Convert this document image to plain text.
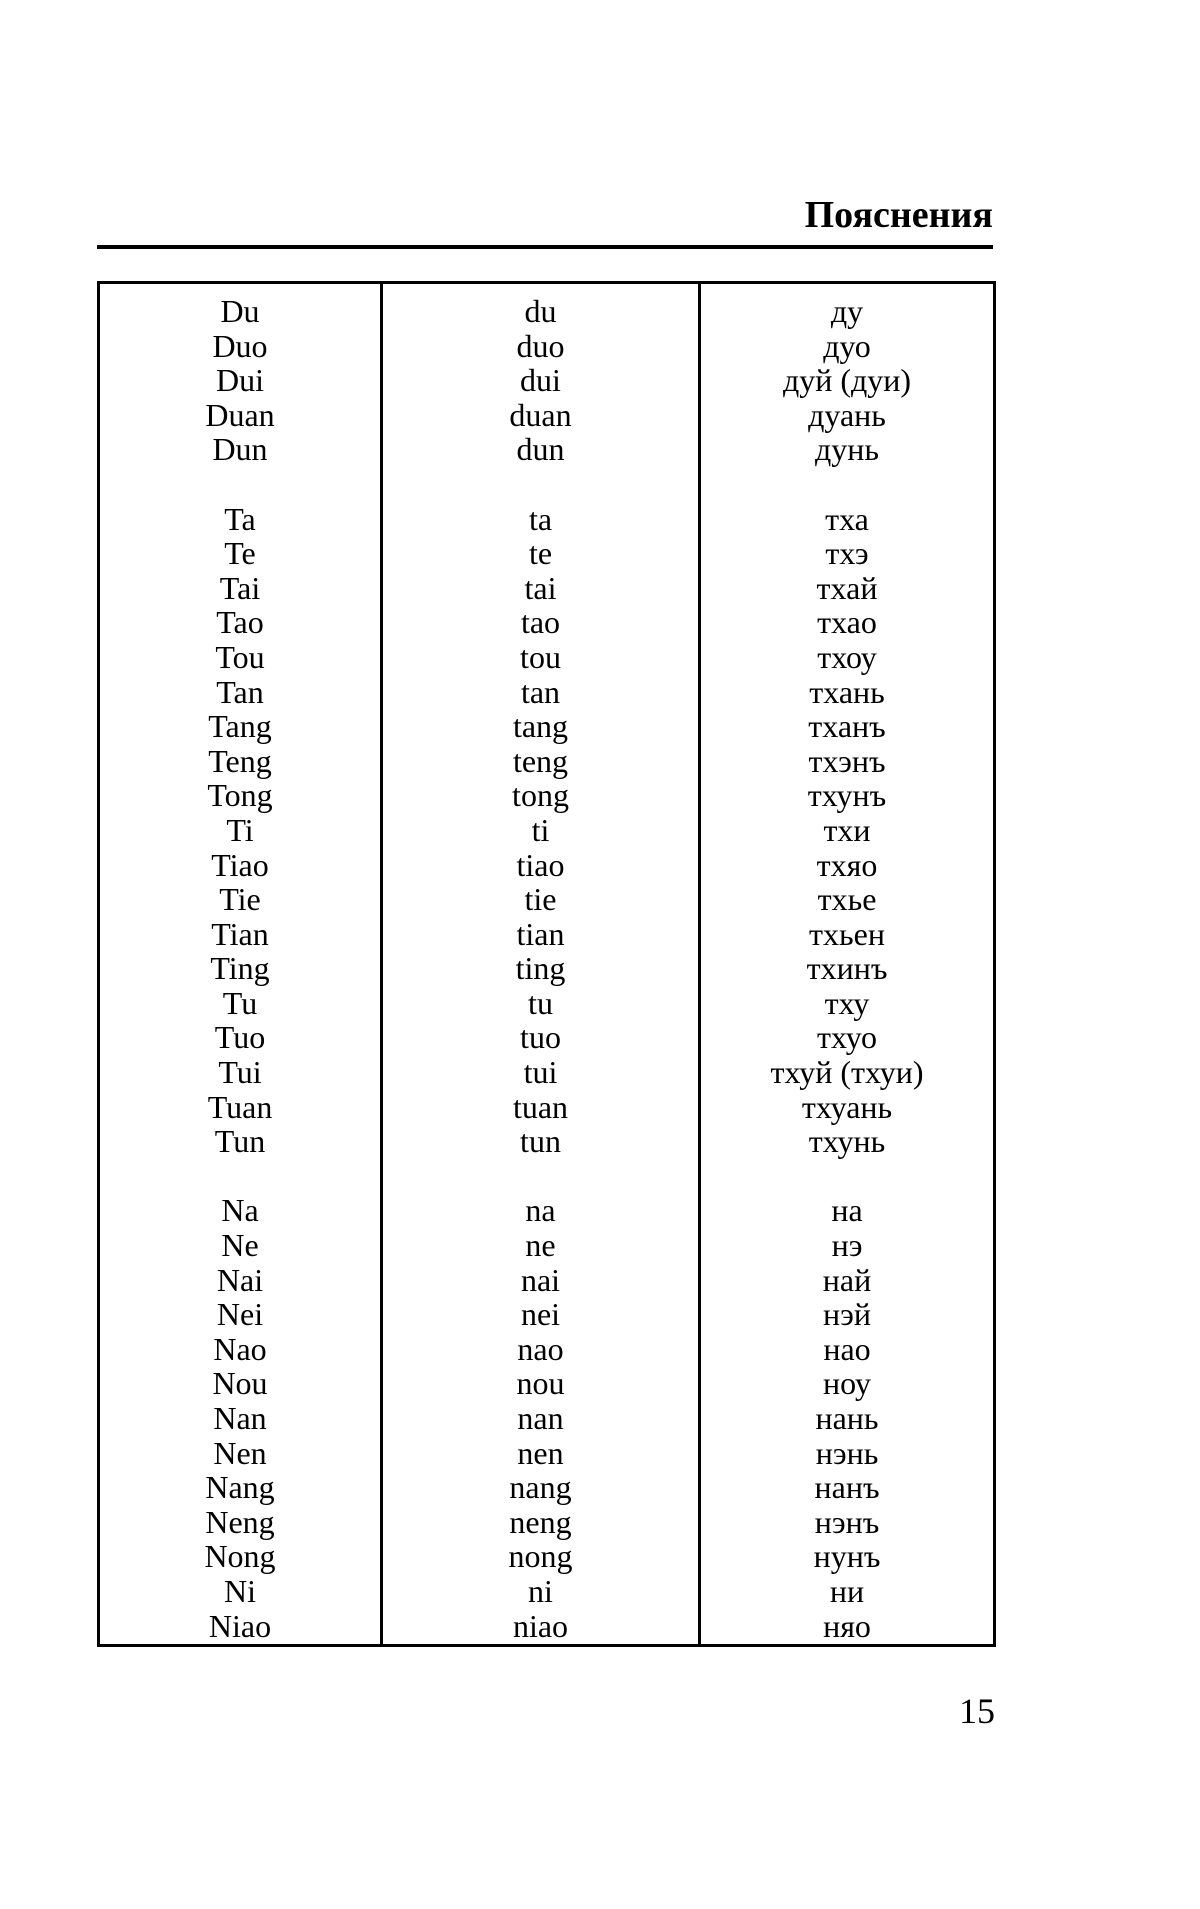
Пояснения
Du
Duo
Dui
Duan
Dun
Ta
Te
Tai
Tao
Tou
Tan
Tang
Teng
Tong
Ti
Tiao
Tie
Tian
Ting
Tu
Tuo
Tui
Tuan
Tun
Na
Ne
Nai
Nei
Nao
Nou
Nan
Nen
Nang
Neng
Nong
Ni
Niao
du
duo
dui
duan
dun
ta
te
tai
tao
tou
tan
tang
teng
tong
ti
tiao
tie
tian
ting
tu
tuo
tui
tuan
tun
na
ne
nai
nei
nao
nou
nan
nen
nang
neng
nong
ni
niao
ду
дуо
дуй (дуи)
дуань
дунь
тха
тхэ
тхай
тхао
тхоу
тхань
тханъ
тхэнъ
тхунъ
тхи
тхяо
тхье
тхьен
тхинъ
тху
тхуо
тхуй (тхуи)
тхуань
тхунь
на
нэ
най
нэй
нао
ноу
нань
нэнь
нанъ
нэнъ
нунъ
ни
няо
15
